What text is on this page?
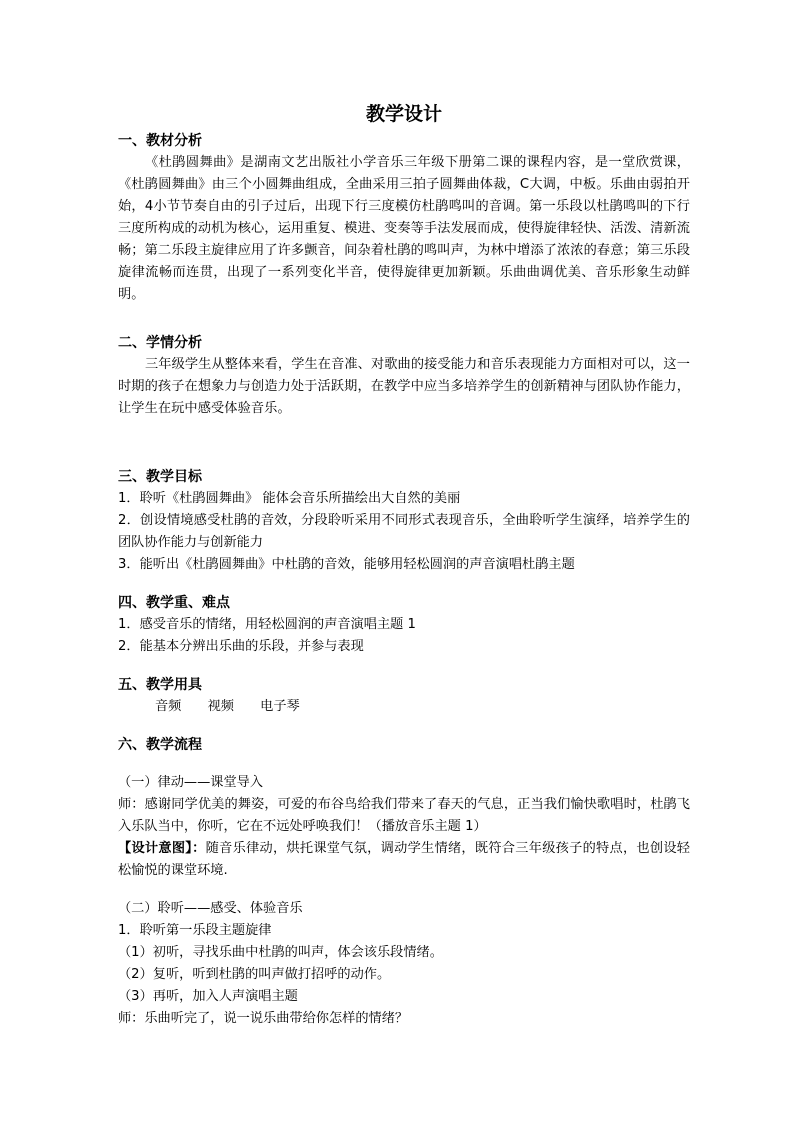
教学设计
一、教材分析
《杜鹃圆舞曲》是湖南文艺出版社小学音乐三年级下册第二课的课程内容，是一堂欣赏课，《杜鹃圆舞曲》由三个小圆舞曲组成，全曲采用三拍子圆舞曲体裁，C大调，中板。乐曲由弱拍开始，4小节节奏自由的引子过后，出现下行三度模仿杜鹃鸣叫的音调。第一乐段以杜鹃鸣叫的下行三度所构成的动机为核心，运用重复、模进、变奏等手法发展而成，使得旋律轻快、活泼、清新流畅；第二乐段主旋律应用了许多颤音，间杂着杜鹃的鸣叫声，为林中增添了浓浓的春意；第三乐段旋律流畅而连贯，出现了一系列变化半音，使得旋律更加新颖。乐曲曲调优美、音乐形象生动鲜明。
二、学情分析
三年级学生从整体来看，学生在音准、对歌曲的接受能力和音乐表现能力方面相对可以，这一时期的孩子在想象力与创造力处于活跃期，在教学中应当多培养学生的创新精神与团队协作能力，让学生在玩中感受体验音乐。
三、教学目标
1．聆听《杜鹃圆舞曲》 能体会音乐所描绘出大自然的美丽
2．创设情境感受杜鹃的音效，分段聆听采用不同形式表现音乐，全曲聆听学生演绎，培养学生的团队协作能力与创新能力
3．能听出《杜鹃圆舞曲》中杜鹃的音效，能够用轻松圆润的声音演唱杜鹃主题
四、教学重、难点
1．感受音乐的情绪，用轻松圆润的声音演唱主题 1
2．能基本分辨出乐曲的乐段，并参与表现
五、教学用具
音频 视频 电子琴
六、教学流程
（一）律动——课堂导入
师：感谢同学优美的舞姿，可爱的布谷鸟给我们带来了春天的气息，正当我们愉快歌唱时，杜鹃飞入乐队当中，你听，它在不远处呼唤我们！（播放音乐主题 1）
【设计意图】：随音乐律动，烘托课堂气氛，调动学生情绪，既符合三年级孩子的特点，也创设轻松愉悦的课堂环境.
（二）聆听——感受、体验音乐
1．聆听第一乐段主题旋律
（1）初听，寻找乐曲中杜鹃的叫声，体会该乐段情绪。
（2）复听，听到杜鹃的叫声做打招呼的动作。
（3）再听，加入人声演唱主题
师：乐曲听完了，说一说乐曲带给你怎样的情绪？
